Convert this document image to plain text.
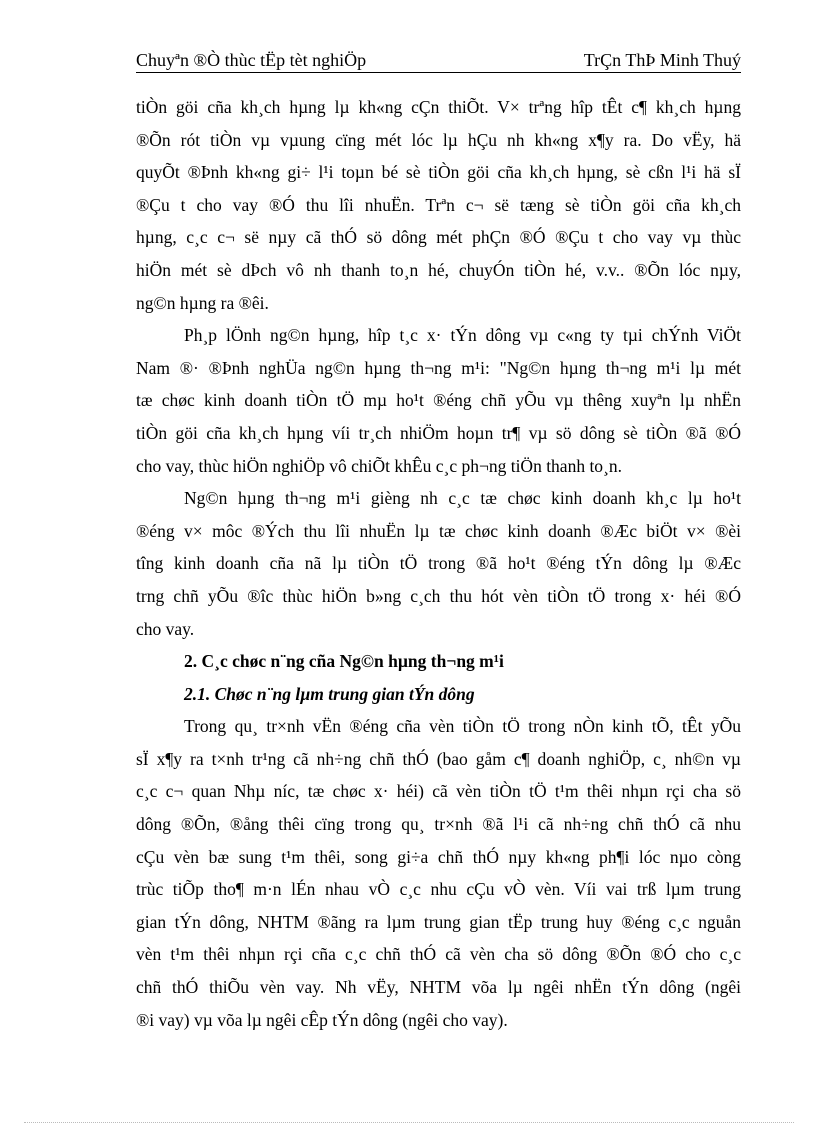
Chuyªn ®Ò thùc tËp tèt nghiÖp	TrÇn ThÞ Minh Thuý
tiÒn göi cña kh¸ch hµng lµ kh«ng cÇn thiÕt. V× trªng hîp tÊt c¶ kh¸ch hµng
®Õn rót tiÒn vµ vµung cïng mét lóc lµ hÇu nh kh«ng x¶y ra. Do vËy, hä
quyÕt ®Þnh kh«ng gi÷ l¹i toµn bé sè tiÒn göi cña kh¸ch hµng, sè cßn l¹i hä sÏ
®Çu t cho vay ®Ó thu lîi nhuËn. Trªn c¬ së tæng sè tiÒn göi cña kh¸ch
hµng, c¸c c¬ së nµy cã thÓ sö dông mét phÇn ®Ó ®Çu t cho vay vµ thùc
hiÖn mét sè dÞch vô nh thanh to¸n hé, chuyÓn tiÒn hé, v.v.. ®Õn lóc nµy,
ng©n hµng ra ®êi.
Ph¸p lÖnh ng©n hµng, hîp t¸c x· tÝn dông vµ c«ng ty tµi chÝnh ViÖt
Nam ®· ®Þnh nghÜa ng©n hµng th¬ng m¹i: "Ng©n hµng th¬ng m¹i lµ mét
tæ chøc kinh doanh tiÒn tÖ mµ ho¹t ®éng chñ yÕu vµ thêng xuyªn lµ nhËn
tiÒn göi cña kh¸ch hµng víi tr¸ch nhiÖm hoµn tr¶ vµ sö dông sè tiÒn ®ã ®Ó
cho vay, thùc hiÖn nghiÖp vô chiÕt khÊu c¸c ph¬ng tiÖn thanh to¸n.
Ng©n hµng th¬ng m¹i gièng nh c¸c tæ chøc kinh doanh kh¸c lµ ho¹t
®éng v× môc ®Ých thu lîi nhuËn lµ tæ chøc kinh doanh ®Æc biÖt v× ®èi
tîng kinh doanh cña nã lµ tiÒn tÖ trong ®ã ho¹t ®éng tÝn dông lµ ®Æc
trng chñ yÕu ®îc thùc hiÖn b»ng c¸ch thu hót vèn tiÒn tÖ trong x· héi ®Ó
cho vay.
2. C¸c chøc n¨ng cña Ng©n hµng th¬ng m¹i
2.1. Chøc n¨ng lµm trung gian tÝn dông
Trong qu¸ tr×nh vËn ®éng cña vèn tiÒn tÖ trong nÒn kinh tÕ, tÊt yÕu
sÏ x¶y ra t×nh tr¹ng cã nh÷ng chñ thÓ (bao gåm c¶ doanh nghiÖp, c¸ nh©n vµ
c¸c c¬ quan Nhµ níc, tæ chøc x· héi) cã vèn tiÒn tÖ t¹m thêi nhµn rçi cha sö
dông ®Õn, ®ång thêi cïng trong qu¸ tr×nh ®ã l¹i cã nh÷ng chñ thÓ cã nhu
cÇu vèn bæ sung t¹m thêi, song gi÷a chñ thÓ nµy kh«ng ph¶i lóc nµo còng
trùc tiÕp tho¶ m·n lÉn nhau vÒ c¸c nhu cÇu vÒ vèn. Víi vai trß lµm trung
gian tÝn dông, NHTM ®ãng ra lµm trung gian tËp trung huy ®éng c¸c nguån
vèn t¹m thêi nhµn rçi cña c¸c chñ thÓ cã vèn cha sö dông ®Õn ®Ó cho c¸c
chñ thÓ thiÕu vèn vay. Nh vËy, NHTM võa lµ ngêi nhËn tÝn dông (ngêi
®i vay) vµ võa lµ ngêi cÊp tÝn dông (ngêi cho vay).
